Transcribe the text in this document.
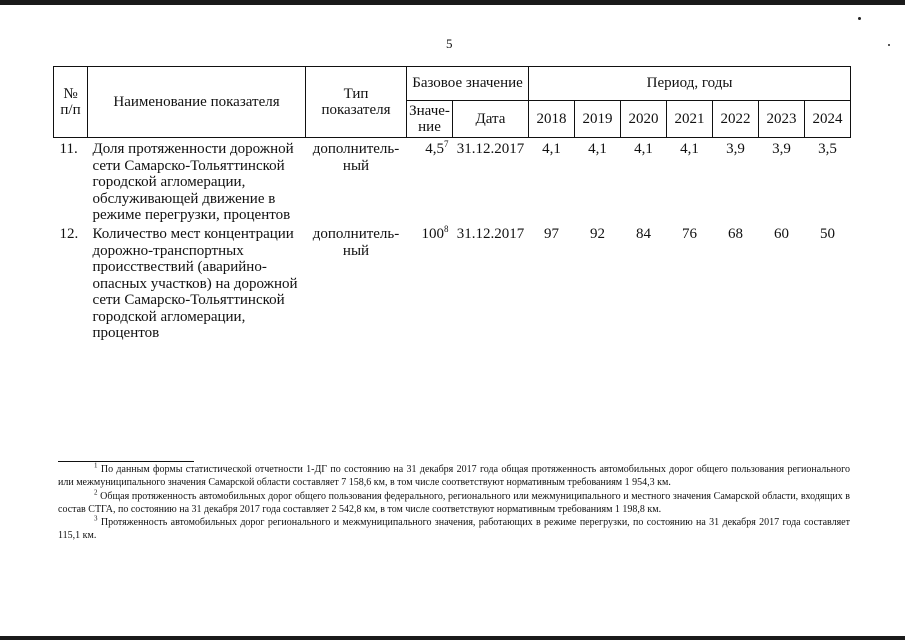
5
№ п/п	Наименование показателя	Тип показателя	Базовое значение		Период, годы						
			Значе-ние	Дата	2018	2019	2020	2021	2022	2023	2024
11.	Доля протяженности дорожной сети Самарско-Тольяттинской городской агломерации, обслуживающей движение в режиме перегрузки, процентов	дополнитель-ный	$4,5^7$	31.12.2017	4,1	4,1	4,1	4,1	3,9	3,9	3,5
12.	Количество мест концентрации дорожно-транспортных происствествий (аварийно-опасных участков) на дорожной сети Самарско-Тольяттинской городской агломерации, процентов	дополнитель-ный	$100^8$	31.12.2017	97	92	84	76	68	60	50

$^1$ По данным формы статистической отчетности 1-ДГ по состоянию на 31 декабря 2017 года общая протяженность автомобильных дорог общего пользования регионального или межмуниципального значения Самарской области составляет 7 158,6 км, в том числе соответствуют нормативным требованиям 1 954,3 км.

$^2$ Общая протяженность автомобильных дорог общего пользования федерального, регионального или межмуниципального и местного значения Самарской области, входящих в состав СТГА, по состоянию на 31 декабря 2017 года составляет 2 542,8 км, в том числе соответствуют нормативным требованиям 1 198,8 км.

$^3$ Протяженность автомобильных дорог регионального и межмуниципального значения, работающих в режиме перегрузки, по состоянию на 31 декабря 2017 года составляет 115,1 км.
